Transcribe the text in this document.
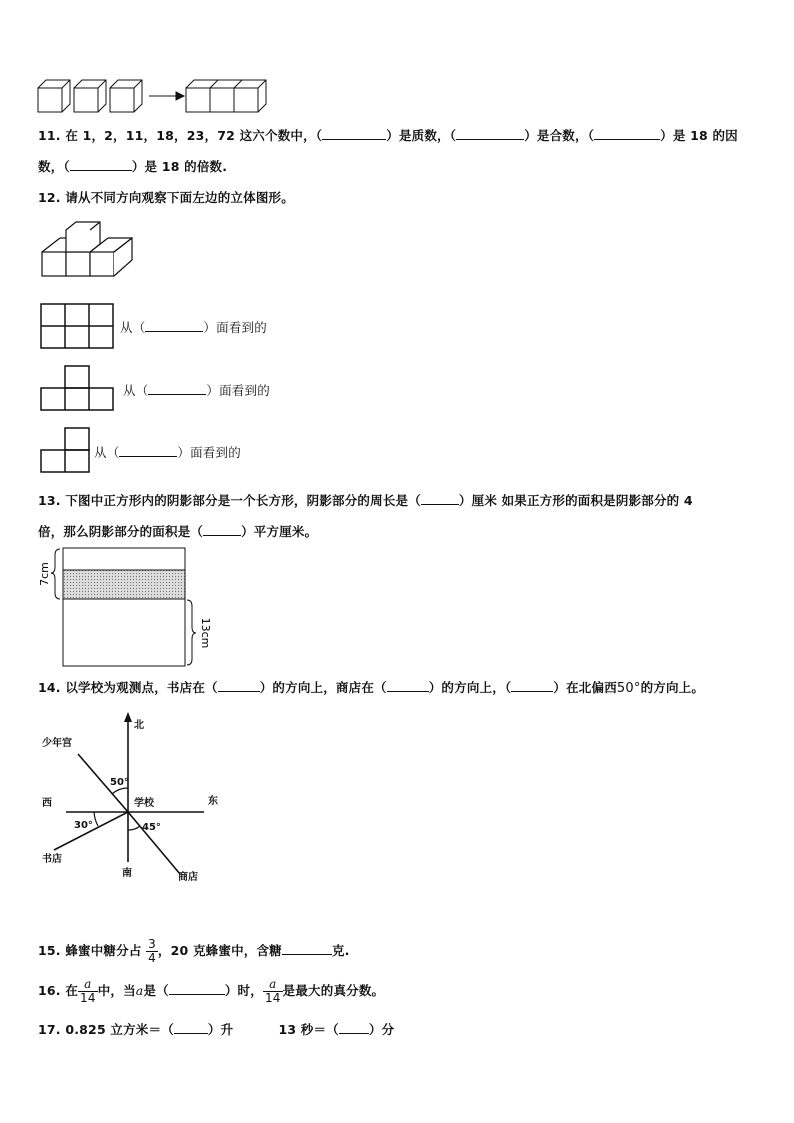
11. 在 1，2，11，18，23，72 这六个数中，（	）是质数，（	）是合数，（	）是 18 的因
数，（	）是 18 的倍数.
12. 请从不同方向观察下面左边的立体图形。
从（	）面看到的
从（	）面看到的
从（	）面看到的
13. 下图中正方形内的阴影部分是一个长方形，阴影部分的周长是（	）厘米 如果正方形的面积是阴影部分的 4
倍，那么阴影部分的面积是（	）平方厘米。
7cm
13cm
14. 以学校为观测点，书店在（	）的方向上，商店在（	）的方向上，（	）在北偏西50°的方向上。
北
南
东
西	学校
少年宫
书店
商店
50°
30°	45°
15. 蜂蜜中糖分占 $\frac{3}{4}$ ，20 克蜂蜜中，含糖	克.
16. 在 $\frac{a}{14}$ 中，当a是（	）时， $\frac{a}{14}$ 是最大的真分数。
17. 0.825 立方米＝（	）升	13 秒＝（ ）分
